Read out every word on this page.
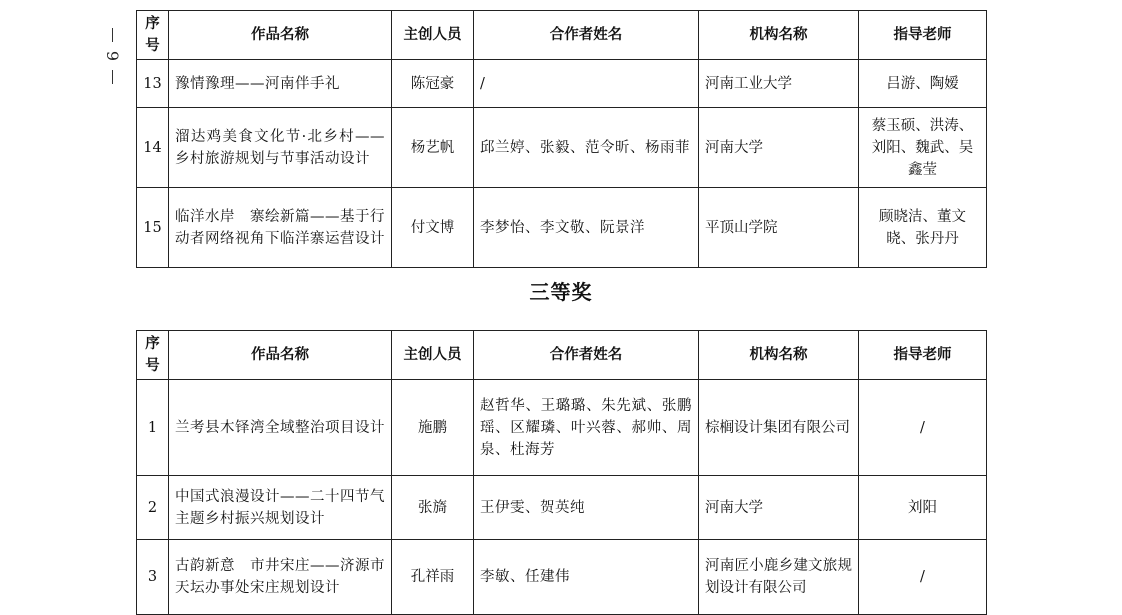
9
序号	作品名称	主创人员	合作者姓名	机构名称	指导老师
13	豫情豫理——河南伴手礼	陈冠豪	/	河南工业大学	吕游、陶嫒
14	溜达鸡美食文化节·北乡村——乡村旅游规划与节事活动设计	杨艺帆	邱兰婷、张毅、范令昕、杨雨菲	河南大学	蔡玉硕、洪涛、刘阳、魏武、吴鑫莹
15	临洋水岸　寨绘新篇——基于行动者网络视角下临洋寨运营设计	付文博	李梦怡、李文敬、阮景洋	平顶山学院	顾晓洁、董文晓、张丹丹
三等奖
序号	作品名称	主创人员	合作者姓名	机构名称	指导老师
1	兰考县木铎湾全域整治项目设计	施鹏	赵哲华、王璐璐、朱先斌、张鹏瑶、区耀璘、叶兴蓉、郝帅、周泉、杜海芳	棕榈设计集团有限公司	/
2	中国式浪漫设计——二十四节气主题乡村振兴规划设计	张旖	王伊雯、贺英纯	河南大学	刘阳
3	古韵新意　市井宋庄——济源市天坛办事处宋庄规划设计	孔祥雨	李敏、任建伟	河南匠小鹿乡建文旅规划设计有限公司	/
